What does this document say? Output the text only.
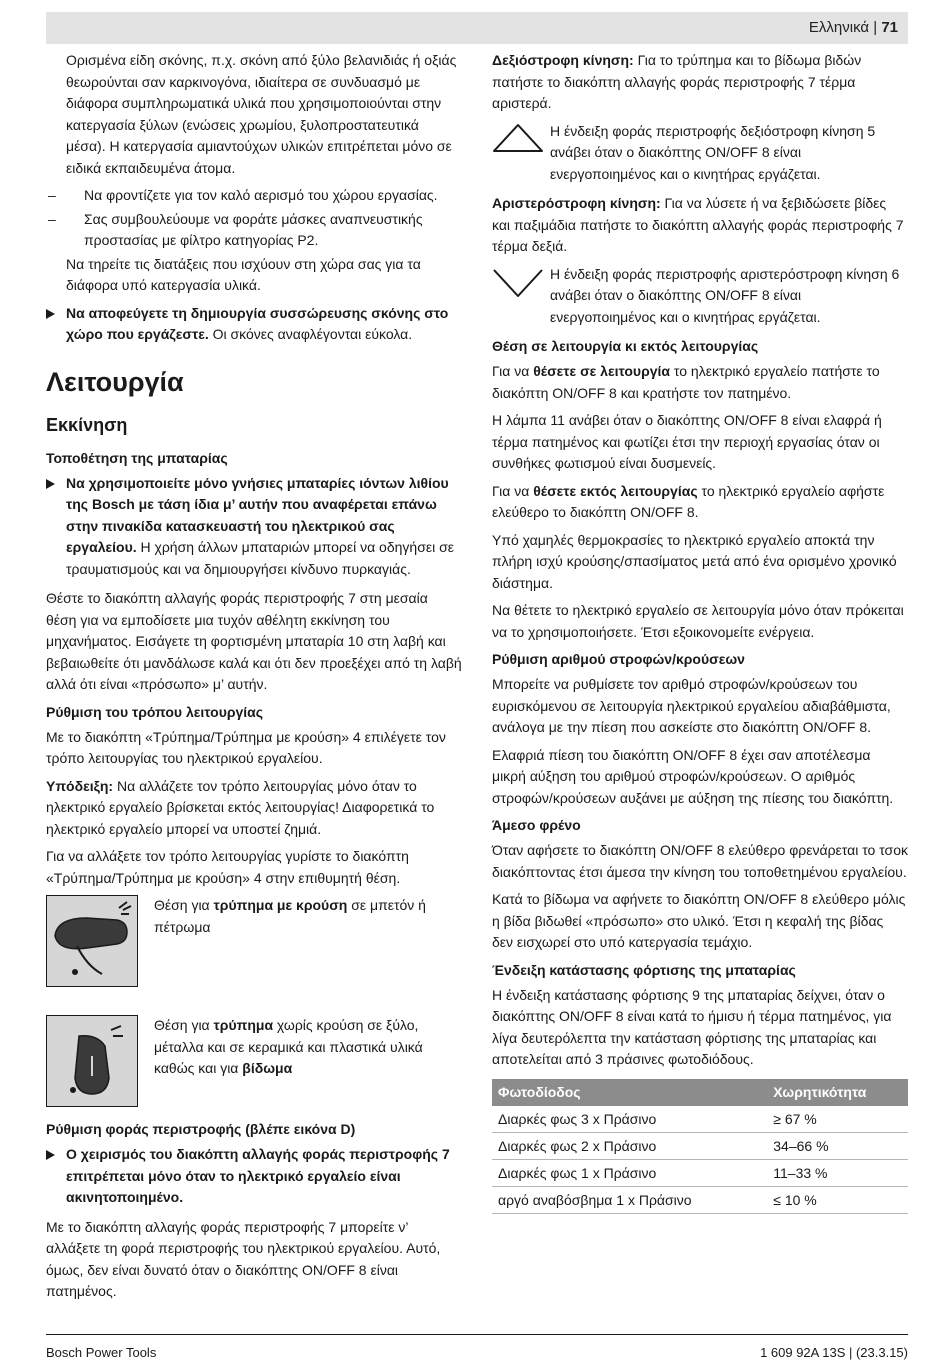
Ελληνικά | 71

Ορισμένα είδη σκόνης, π.χ. σκόνη από ξύλο βελανιδιάς ή οξιάς θεωρούνται σαν καρκινογόνα, ιδιαίτερα σε συνδυασμό με διάφορα συμπληρωματικά υλικά που χρησιμοποιούνται στην κατεργασία ξύλων (ενώσεις χρωμίου, ξυλοπροστατευτικά μέσα). Η κατεργασία αμιαντούχων υλικών επιτρέπεται μόνο σε ειδικά εκπαιδευμένα άτομα.

–	Να φροντίζετε για τον καλό αερισμό του χώρου εργασίας.
–	Σας συμβουλεύουμε να φοράτε μάσκες αναπνευστικής προστασίας με φίλτρο κατηγορίας P2.

Να τηρείτε τις διατάξεις που ισχύουν στη χώρα σας για τα διάφορα υπό κατεργασία υλικά.

Να αποφεύγετε τη δημιουργία συσσώρευσης σκόνης στο χώρο που εργάζεστε. Οι σκόνες αναφλέγονται εύκολα.
Λειτουργία
Εκκίνηση
Τοποθέτηση της μπαταρίας
Να χρησιμοποιείτε μόνο γνήσιες μπαταρίες ιόντων λιθίου της Bosch με τάση ίδια μ’ αυτήν που αναφέρεται επάνω στην πινακίδα κατασκευαστή του ηλεκτρικού σας εργαλείου. Η χρήση άλλων μπαταριών μπορεί να οδηγήσει σε τραυματισμούς και να δημιουργήσει κίνδυνο πυρκαγιάς.

Θέστε το διακόπτη αλλαγής φοράς περιστροφής 7 στη μεσαία θέση για να εμποδίσετε μια τυχόν αθέλητη εκκίνηση του μηχανήματος. Εισάγετε τη φορτισμένη μπαταρία 10 στη λαβή και βεβαιωθείτε ότι μανδάλωσε καλά και ότι δεν προεξέχει από τη λαβή αλλά ότι είναι «πρόσωπο» μ’ αυτήν.

Ρύθμιση του τρόπου λειτουργίας

Με το διακόπτη «Τρύπημα/Τρύπημα με κρούση» 4 επιλέγετε τον τρόπο λειτουργίας του ηλεκτρικού εργαλείου.

Υπόδειξη: Να αλλάζετε τον τρόπο λειτουργίας μόνο όταν το ηλεκτρικό εργαλείο βρίσκεται εκτός λειτουργίας! Διαφορετικά το ηλεκτρικό εργαλείο μπορεί να υποστεί ζημιά.

Για να αλλάξετε τον τρόπο λειτουργίας γυρίστε το διακόπτη «Τρύπημα/Τρύπημα με κρούση» 4 στην επιθυμητή θέση.

Θέση για τρύπημα με κρούση σε μπετόν ή πέτρωμα
Θέση για τρύπημα χωρίς κρούση σε ξύλο, μέταλλα και σε κεραμικά και πλαστικά υλικά καθώς και για βίδωμα
Ρύθμιση φοράς περιστροφής (βλέπε εικόνα D)
Ο χειρισμός του διακόπτη αλλαγής φοράς περιστροφής 7 επιτρέπεται μόνο όταν το ηλεκτρικό εργαλείο είναι ακινητοποιημένο.

Με το διακόπτη αλλαγής φοράς περιστροφής 7 μπορείτε ν’ αλλάξετε τη φορά περιστροφής του ηλεκτρικού εργαλείου. Αυτό, όμως, δεν είναι δυνατό όταν ο διακόπτης ON/OFF 8 είναι πατημένος.

Δεξιόστροφη κίνηση: Για το τρύπημα και το βίδωμα βιδών πατήστε το διακόπτη αλλαγής φοράς περιστροφής 7 τέρμα αριστερά.

Η ένδειξη φοράς περιστροφής δεξιόστροφη κίνηση 5 ανάβει όταν ο διακόπτης ON/OFF 8 είναι ενεργοποιημένος και ο κινητήρας εργάζεται.

Αριστερόστροφη κίνηση: Για να λύσετε ή να ξεβιδώσετε βίδες και παξιμάδια πατήστε το διακόπτη αλλαγής φοράς περιστροφής 7 τέρμα δεξιά.

Η ένδειξη φοράς περιστροφής αριστερόστροφη κίνηση 6 ανάβει όταν ο διακόπτης ON/OFF 8 είναι ενεργοποιημένος και ο κινητήρας εργάζεται.
Θέση σε λειτουργία κι εκτός λειτουργίας

Για να θέσετε σε λειτουργία το ηλεκτρικό εργαλείο πατήστε το διακόπτη ON/OFF 8 και κρατήστε τον πατημένο.

Η λάμπα 11 ανάβει όταν ο διακόπτης ON/OFF 8 είναι ελαφρά ή τέρμα πατημένος και φωτίζει έτσι την περιοχή εργασίας όταν οι συνθήκες φωτισμού είναι δυσμενείς.

Για να θέσετε εκτός λειτουργίας το ηλεκτρικό εργαλείο αφήστε ελεύθερο το διακόπτη ON/OFF 8.

Υπό χαμηλές θερμοκρασίες το ηλεκτρικό εργαλείο αποκτά την πλήρη ισχύ κρούσης/σπασίματος μετά από ένα ορισμένο χρονικό διάστημα.

Να θέτετε το ηλεκτρικό εργαλείο σε λειτουργία μόνο όταν πρόκειται να το χρησιμοποιήσετε. Έτσι εξοικονομείτε ενέργεια.

Ρύθμιση αριθμού στροφών/κρούσεων

Μπορείτε να ρυθμίσετε τον αριθμό στροφών/κρούσεων του ευρισκόμενου σε λειτουργία ηλεκτρικού εργαλείου αδιαβάθμιστα, ανάλογα με την πίεση που ασκείστε στο διακόπτη ON/OFF 8.

Ελαφριά πίεση του διακόπτη ON/OFF 8 έχει σαν αποτέλεσμα μικρή αύξηση του αριθμού στροφών/κρούσεων. Ο αριθμός στροφών/κρούσεων αυξάνει με αύξηση της πίεσης του διακόπτη.

Άμεσο φρένο

Όταν αφήσετε το διακόπτη ON/OFF 8 ελεύθερο φρενάρεται το τσοκ διακόπτοντας έτσι άμεσα την κίνηση του τοποθετημένου εργαλείου.

Κατά το βίδωμα να αφήνετε το διακόπτη ON/OFF 8 ελεύθερο μόλις η βίδα βιδωθεί «πρόσωπο» στο υλικό. Έτσι η κεφαλή της βίδας δεν εισχωρεί στο υπό κατεργασία τεμάχιο.

Ένδειξη κατάστασης φόρτισης της μπαταρίας

Η ένδειξη κατάστασης φόρτισης 9 της μπαταρίας δείχνει, όταν ο διακόπτης ON/OFF 8 είναι κατά το ήμισυ ή τέρμα πατημένος, για λίγα δευτερόλεπτα την κατάσταση φόρτισης της μπαταρίας και αποτελείται από 3 πράσινες φωτοδιόδους.

Φωτοδίοδος	Χωρητικότητα
Διαρκές φως 3 x Πράσινο	≥ 67 %
Διαρκές φως 2 x Πράσινο	34–66 %
Διαρκές φως 1 x Πράσινο	11–33 %
αργό αναβόσβημα 1 x Πράσινο	≤ 10 %
Bosch Power Tools	1 609 92A 13S | (23.3.15)
